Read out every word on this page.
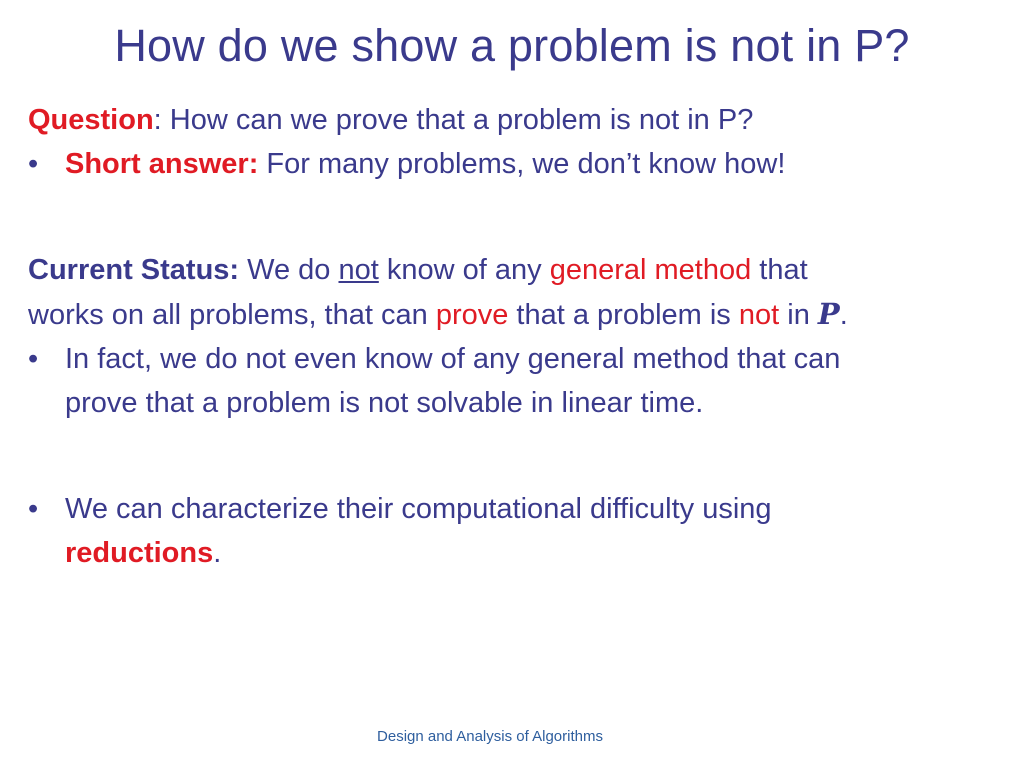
How do we show a problem is not in P?
Question: How can we prove that a problem is not in P?
• Short answer: For many problems, we don’t know how!
Current Status: We do not know of any general method that
works on all problems, that can prove that a problem is not in P.
• In fact, we do not even know of any general method that can
prove that a problem is not solvable in linear time.
• We can characterize their computational difficulty using
reductions.
Design and Analysis of Algorithms
